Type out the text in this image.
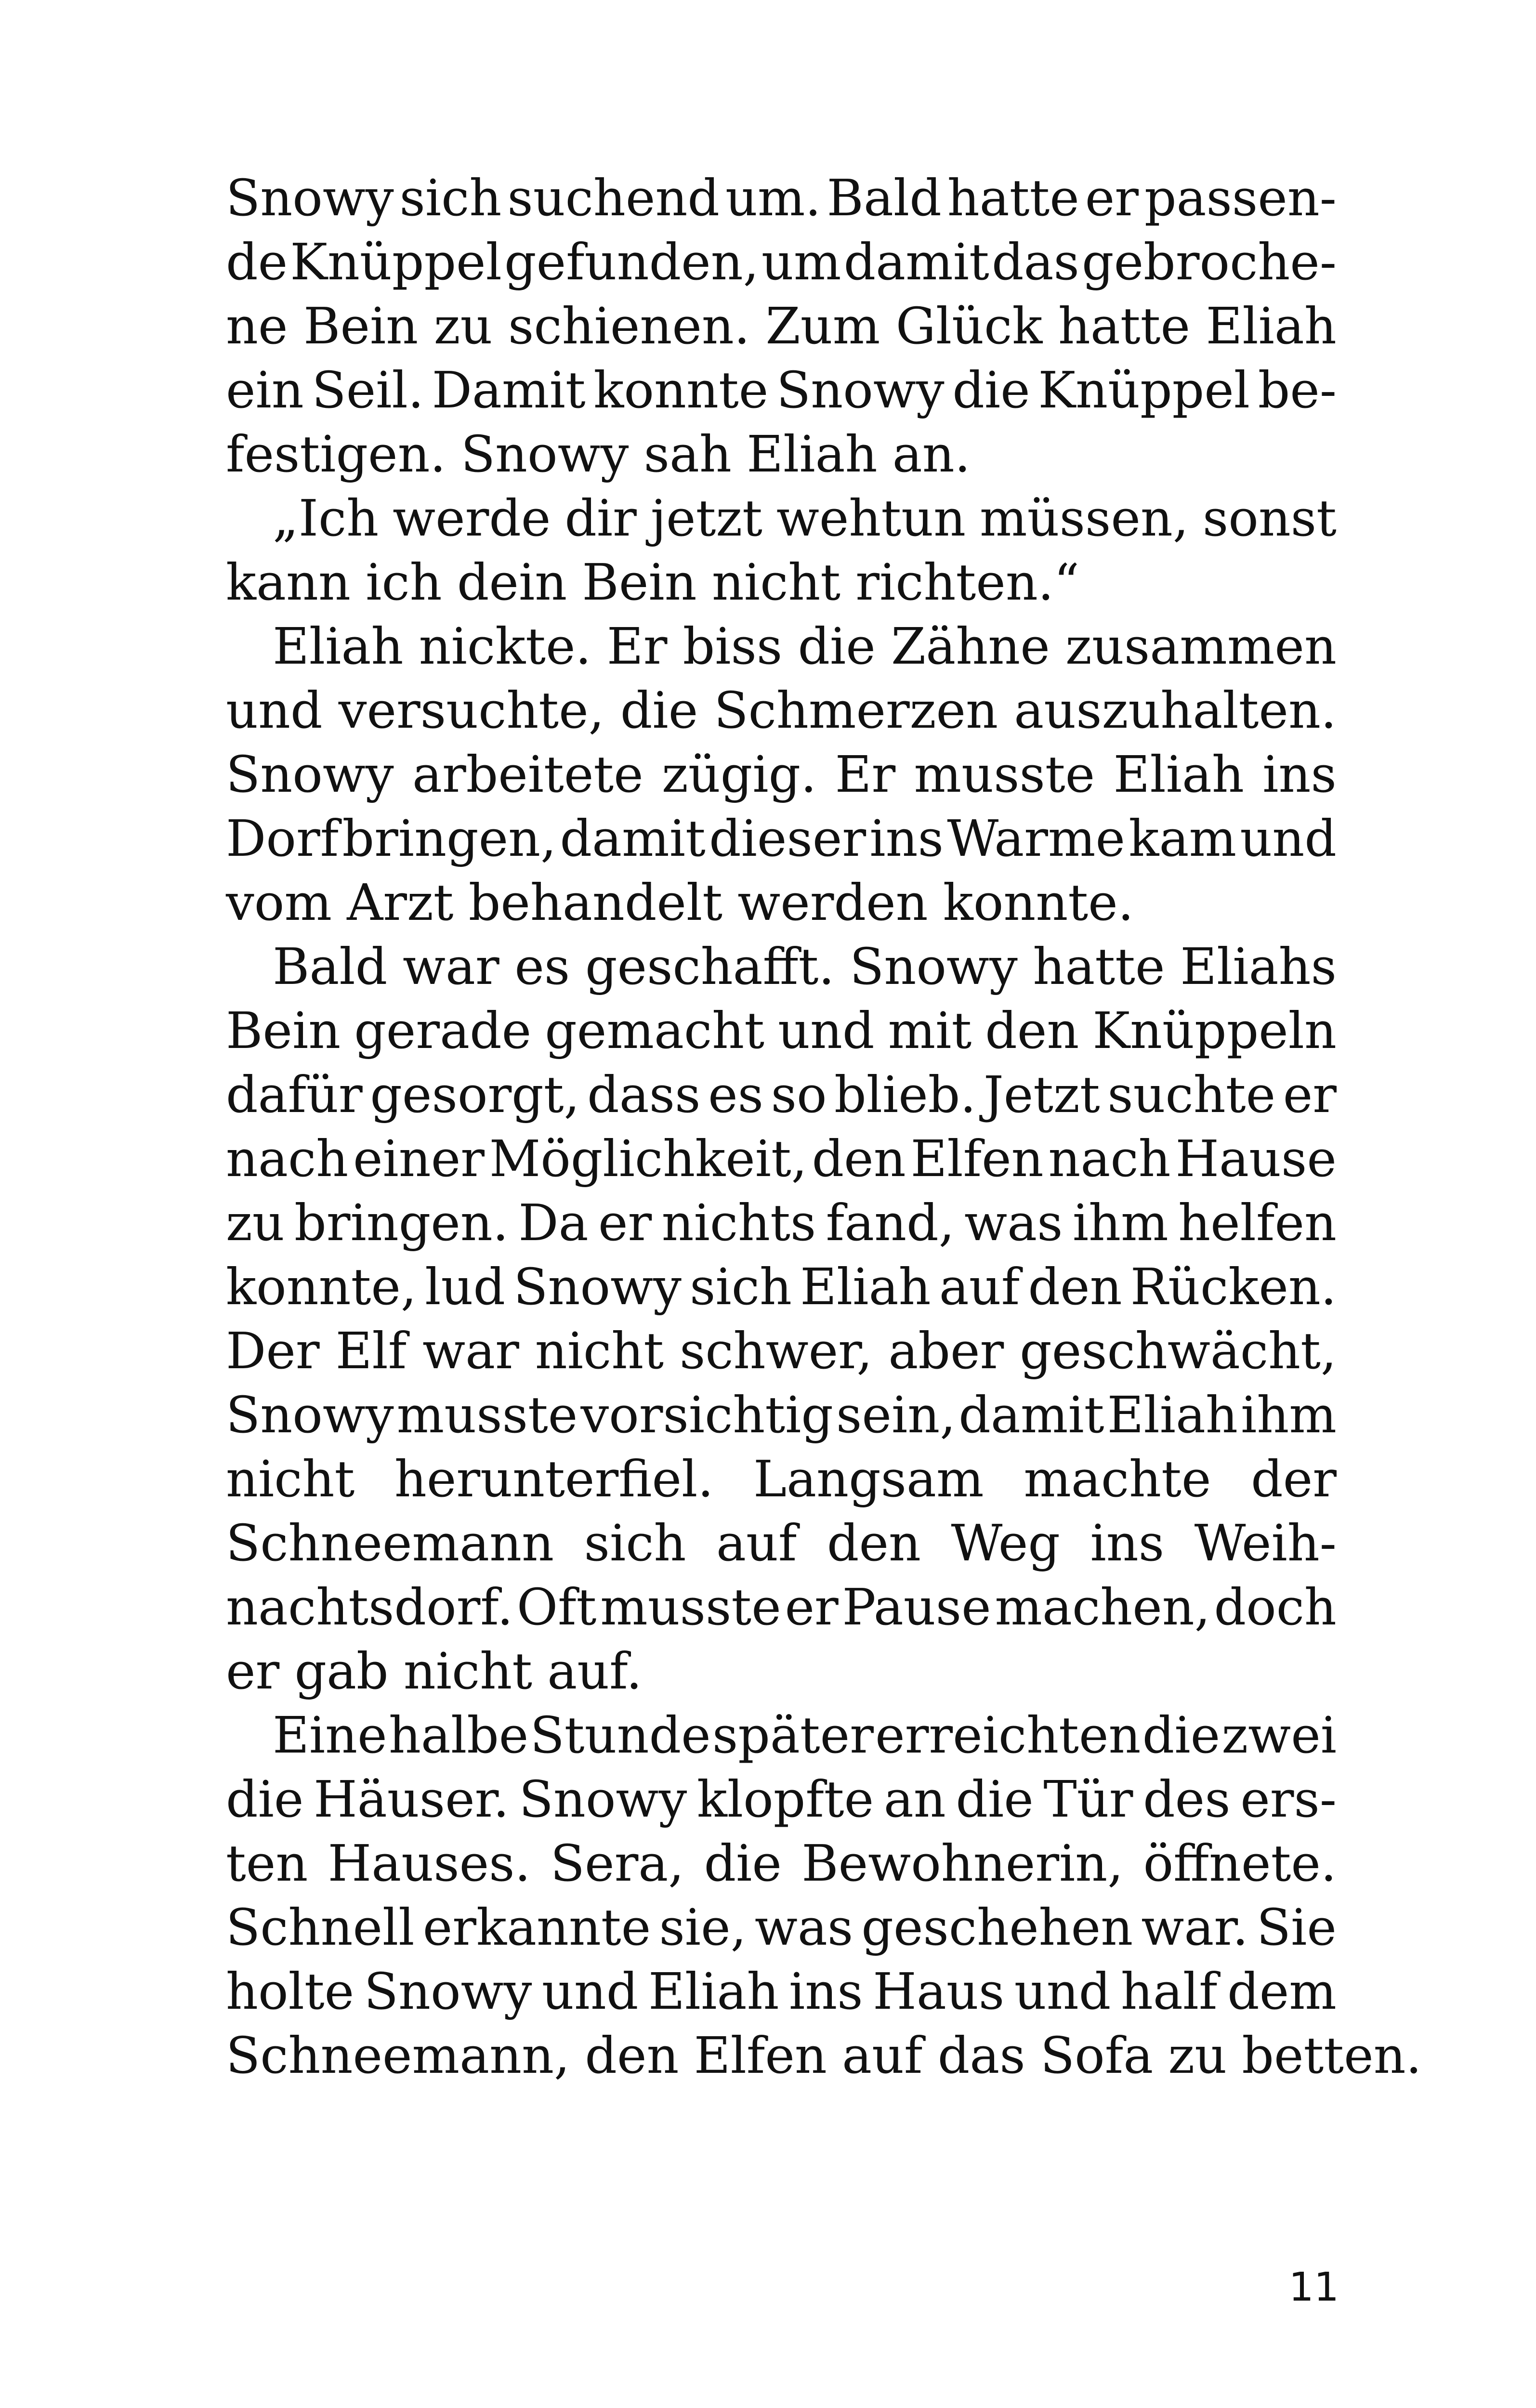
Snowy sich suchend um. Bald hatte er passen-
de Knüppel gefunden, um damit das gebroche-
ne Bein zu schienen. Zum Glück hatte Eliah
ein Seil. Damit konnte Snowy die Knüppel be-
festigen. Snowy sah Eliah an.
„Ich werde dir jetzt wehtun müssen, sonst
kann ich dein Bein nicht richten.“
Eliah nickte. Er biss die Zähne zusammen
und versuchte, die Schmerzen auszuhalten.
Snowy arbeitete zügig. Er musste Eliah ins
Dorf bringen, damit dieser ins Warme kam und
vom Arzt behandelt werden konnte.
Bald war es geschafft. Snowy hatte Eliahs
Bein gerade gemacht und mit den Knüppeln
dafür gesorgt, dass es so blieb. Jetzt suchte er
nach einer Möglichkeit, den Elfen nach Hause
zu bringen. Da er nichts fand, was ihm helfen
konnte, lud Snowy sich Eliah auf den Rücken.
Der Elf war nicht schwer, aber geschwächt,
Snowy musste vorsichtig sein, damit Eliah ihm
nicht herunterfiel. Langsam machte der
Schneemann sich auf den Weg ins Weih-
nachtsdorf. Oft musste er Pause machen, doch
er gab nicht auf.
Eine halbe Stunde später erreichten die zwei
die Häuser. Snowy klopfte an die Tür des ers-
ten Hauses. Sera, die Bewohnerin, öffnete.
Schnell erkannte sie, was geschehen war. Sie
holte Snowy und Eliah ins Haus und half dem
Schneemann, den Elfen auf das Sofa zu betten.
11
